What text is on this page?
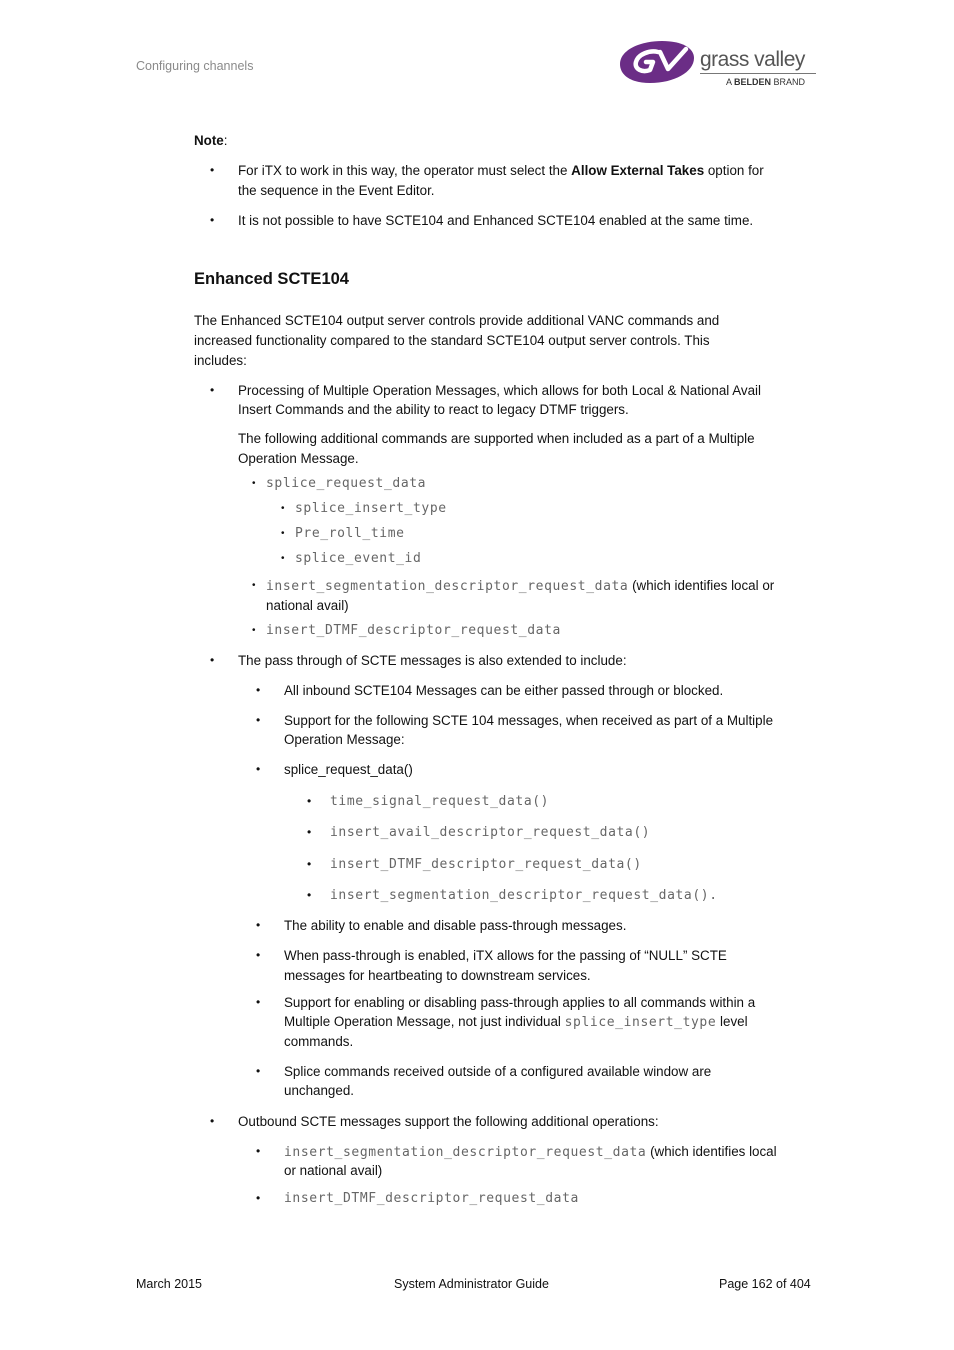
Configuring channels	grass valley
A BELDEN BRAND
Note:
• For iTX to work in this way, the operator must select the Allow External Takes option for
the sequence in the Event Editor.
• It is not possible to have SCTE104 and Enhanced SCTE104 enabled at the same time.
Enhanced SCTE104
The Enhanced SCTE104 output server controls provide additional VANC commands and
increased functionality compared to the standard SCTE104 output server controls. This
includes:
• Processing of Multiple Operation Messages, which allows for both Local & National Avail
Insert Commands and the ability to react to legacy DTMF triggers.
The following additional commands are supported when included as a part of a Multiple
Operation Message.
• splice_request_data
• splice_insert_type
• Pre_roll_time
• splice_event_id
• insert_segmentation_descriptor_request_data (which identifies local or
national avail)
• insert_DTMF_descriptor_request_data
• The pass through of SCTE messages is also extended to include:
• All inbound SCTE104 Messages can be either passed through or blocked.
• Support for the following SCTE 104 messages, when received as part of a Multiple
Operation Message:
• splice_request_data()
• time_signal_request_data()
• insert_avail_descriptor_request_data()
• insert_DTMF_descriptor_request_data()
• insert_segmentation_descriptor_request_data().
• The ability to enable and disable pass-through messages.
• When pass-through is enabled, iTX allows for the passing of “NULL” SCTE
messages for heartbeating to downstream services.
• Support for enabling or disabling pass-through applies to all commands within a
Multiple Operation Message, not just individual splice_insert_type level
commands.
• Splice commands received outside of a configured available window are
unchanged.
• Outbound SCTE messages support the following additional operations:
• insert_segmentation_descriptor_request_data (which identifies local
or national avail)
• insert_DTMF_descriptor_request_data
March 2015	System Administrator Guide	Page 162 of 404
